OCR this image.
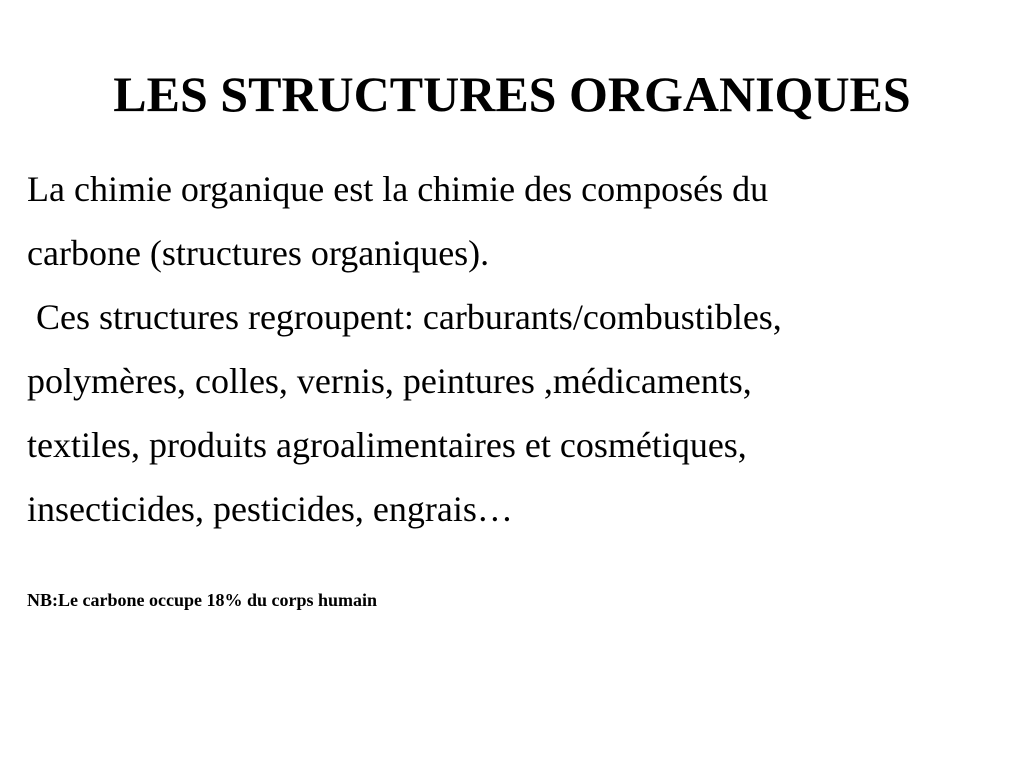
LES STRUCTURES ORGANIQUES
La chimie organique est la chimie des composés du
carbone (structures organiques).
Ces structures regroupent: carburants/combustibles,
polymères, colles, vernis, peintures ,médicaments,
textiles, produits agroalimentaires et cosmétiques,
insecticides, pesticides, engrais…
NB:Le carbone occupe 18% du corps humain
